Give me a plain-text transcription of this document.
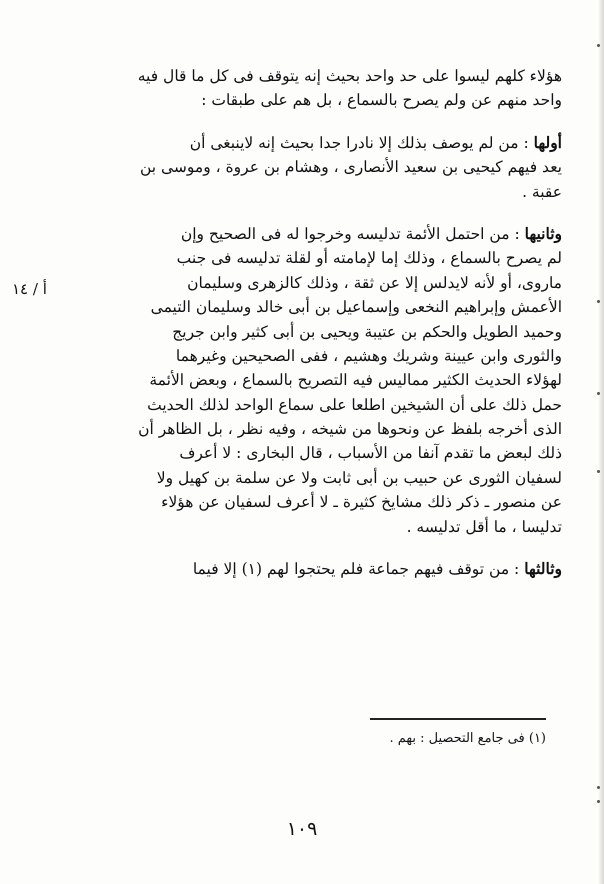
هؤلاء كلهم ليسوا على حد واحد بحيث إنه يتوقف فى كل ما قال فيه
واحد منهم عن ولم يصرح بالسماع ، بل هم على طبقات :
أولها : من لم يوصف بذلك إلا نادرا جدا بحيث إنه لاينبغى أن
يعد فيهم كيحيى بن سعيد الأنصارى ، وهشام بن عروة ، وموسى بن
عقبة .
وثانيها : من احتمل الأئمة تدليسه وخرجوا له فى الصحيح وإن
لم يصرح بالسماع ، وذلك إما لإمامته أو لقلة تدليسه فى جنب
ماروى، أو لأنه لايدلس إلا عن ثقة ، وذلك كالزهرى وسليمان
الأعمش وإبراهيم النخعى وإسماعيل بن أبى خالد وسليمان التيمى
وحميد الطويل والحكم بن عتيبة ويحيى بن أبى كثير وابن جريج
والثورى وابن عيينة وشريك وهشيم ، ففى الصحيحين وغيرهما
لهؤلاء الحديث الكثير مماليس فيه التصريح بالسماع ، وبعض الأئمة
حمل ذلك على أن الشيخين اطلعا على سماع الواحد لذلك الحديث
الذى أخرجه بلفظ عن ونحوها من شيخه ، وفيه نظر ، بل الظاهر أن
ذلك لبعض ما تقدم آنفا من الأسباب ، قال البخارى : لا أعرف
لسفيان الثورى عن حبيب بن أبى ثابت ولا عن سلمة بن كهيل ولا
عن منصور ـ ذكر ذلك مشايخ كثيرة ـ لا أعرف لسفيان عن هؤلاء
تدليسا ، ما أقل تدليسه .
وثالثها : من توقف فيهم جماعة فلم يحتجوا لهم (١) إلا فيما
أ / ١٤
(١) فى جامع التحصيل : بهم .
١٠٩
